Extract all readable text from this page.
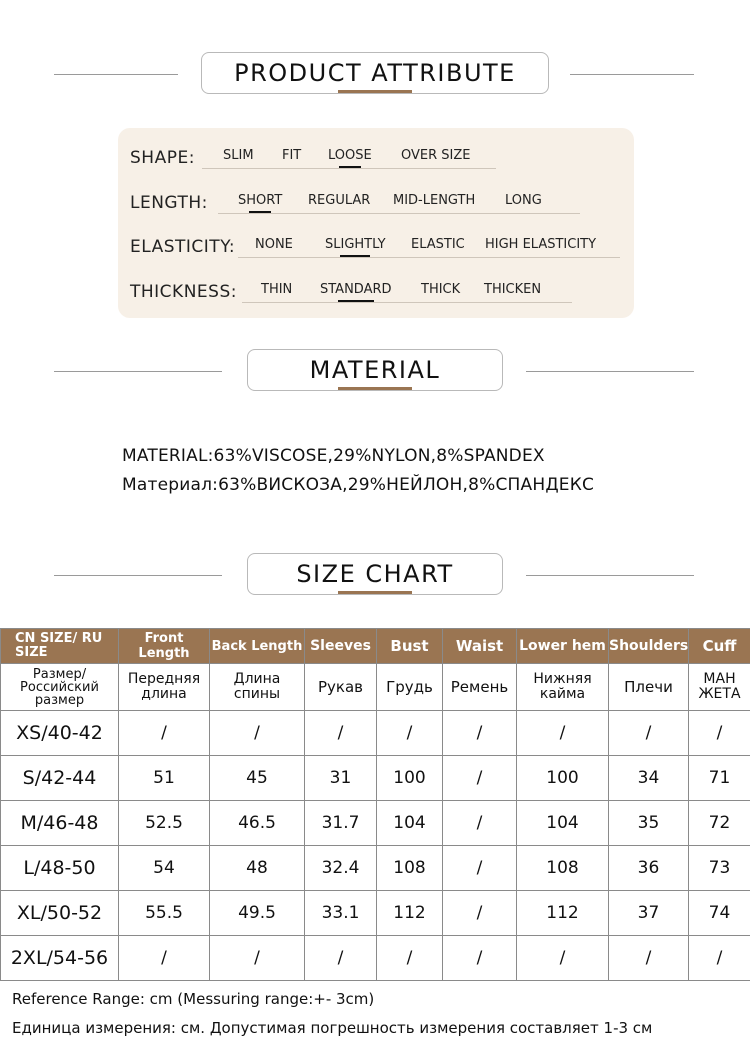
PRODUCT ATTRIBUTE
SHAPE: SLIM FIT LOOSE OVER SIZE
LENGTH: SHORT REGULAR MID-LENGTH LONG
ELASTICITY: NONE SLIGHTLY ELASTIC HIGH ELASTICITY
THICKNESS: THIN STANDARD THICK THICKEN
MATERIAL
MATERIAL:63%VISCOSE,29%NYLON,8%SPANDEX
Материал:63%ВИСКОЗА,29%НЕЙЛОН,8%СПАНДЕКС
SIZE CHART
CN SIZE/ RU SIZE	Front Length	Back Length	Sleeves	Bust	Waist	Lower hem	Shoulders	Cuff
Размер/ Российский размер	Передняя длина	Длина спины	Рукав	Грудь	Ремень	Нижняя кайма	Плечи	МАН ЖЕТА
XS/40-42	/	/	/	/	/	/	/	/
S/42-44	51	45	31	100	/	100	34	71
M/46-48	52.5	46.5	31.7	104	/	104	35	72
L/48-50	54	48	32.4	108	/	108	36	73
XL/50-52	55.5	49.5	33.1	112	/	112	37	74
2XL/54-56	/	/	/	/	/	/	/	/
Reference Range: cm (Messuring range:+- 3cm)
Единица измерения: см. Допустимая погрешность измерения составляет 1-3 см
